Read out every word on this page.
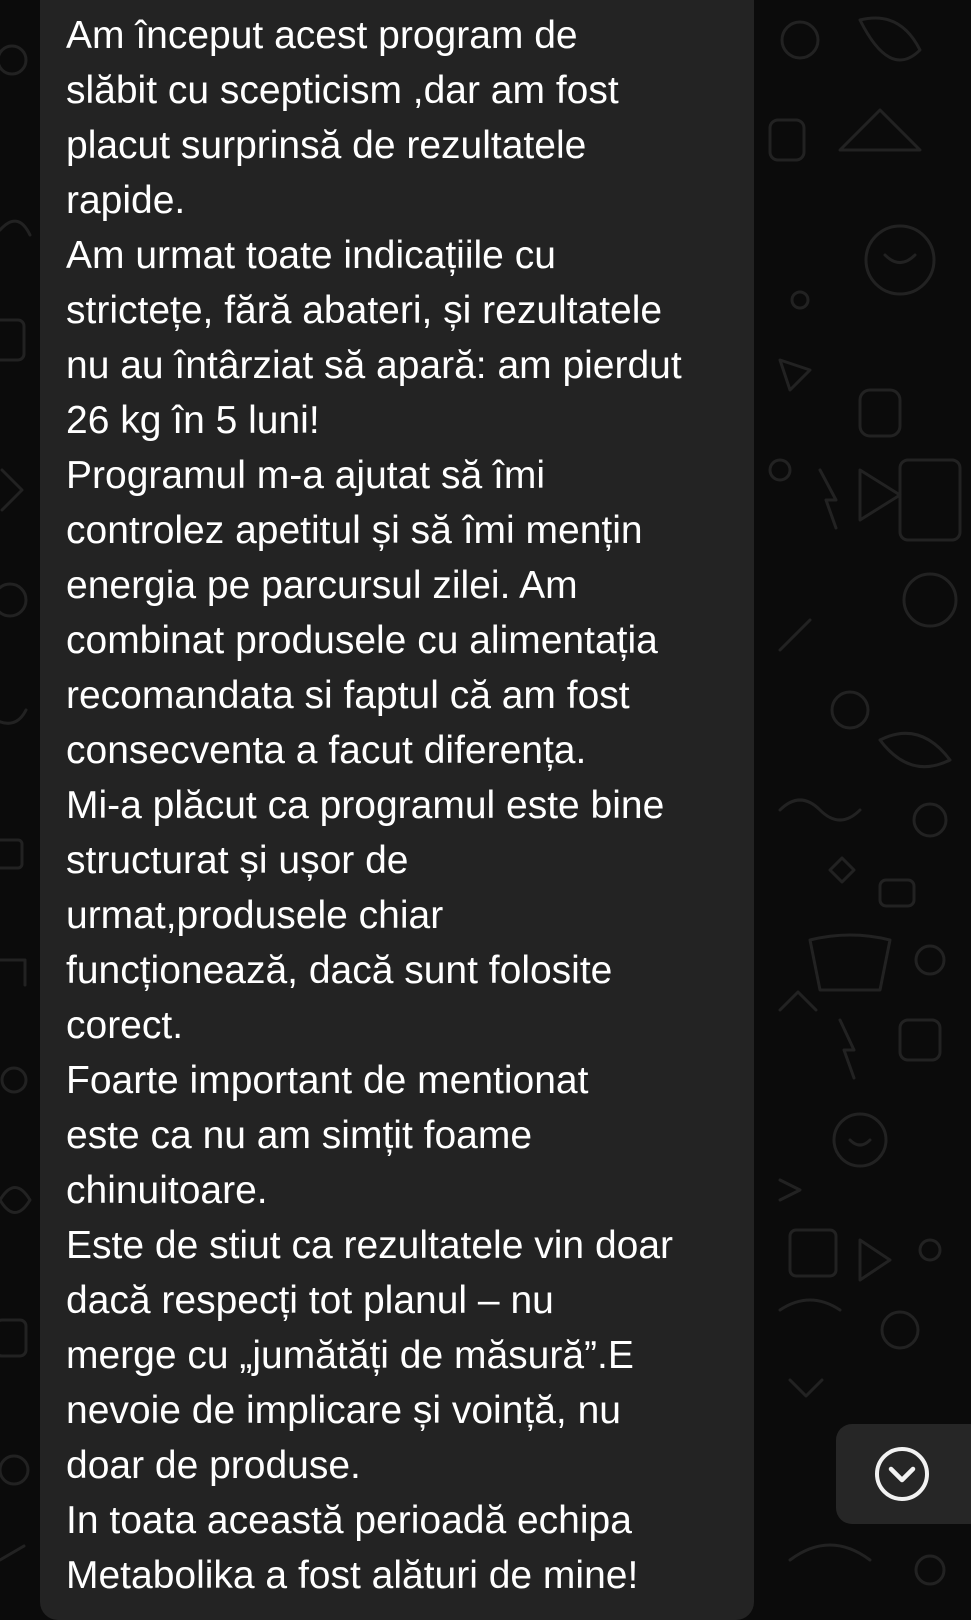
Am început acest program de
slăbit cu scepticism ,dar am fost
placut surprinsă de rezultatele
rapide.
Am urmat toate indicațiile cu
strictețe, fără abateri, și rezultatele
nu au întârziat să apară: am pierdut
26 kg în 5 luni!
Programul m-a ajutat să îmi
controlez apetitul și să îmi mențin
energia pe parcursul zilei. Am
combinat produsele cu alimentația
recomandata si faptul că am fost
consecventa a facut diferența.
Mi-a plăcut ca programul este bine
structurat și ușor de
urmat,produsele chiar
funcționează, dacă sunt folosite
corect.
Foarte important de mentionat
este ca nu am simțit foame
chinuitoare.
Este de stiut ca rezultatele vin doar
dacă respecți tot planul – nu
merge cu „jumătăți de măsură”.E
nevoie de implicare și voință, nu
doar de produse.
In toata această perioadă echipa
Metabolika a fost alături de mine!
